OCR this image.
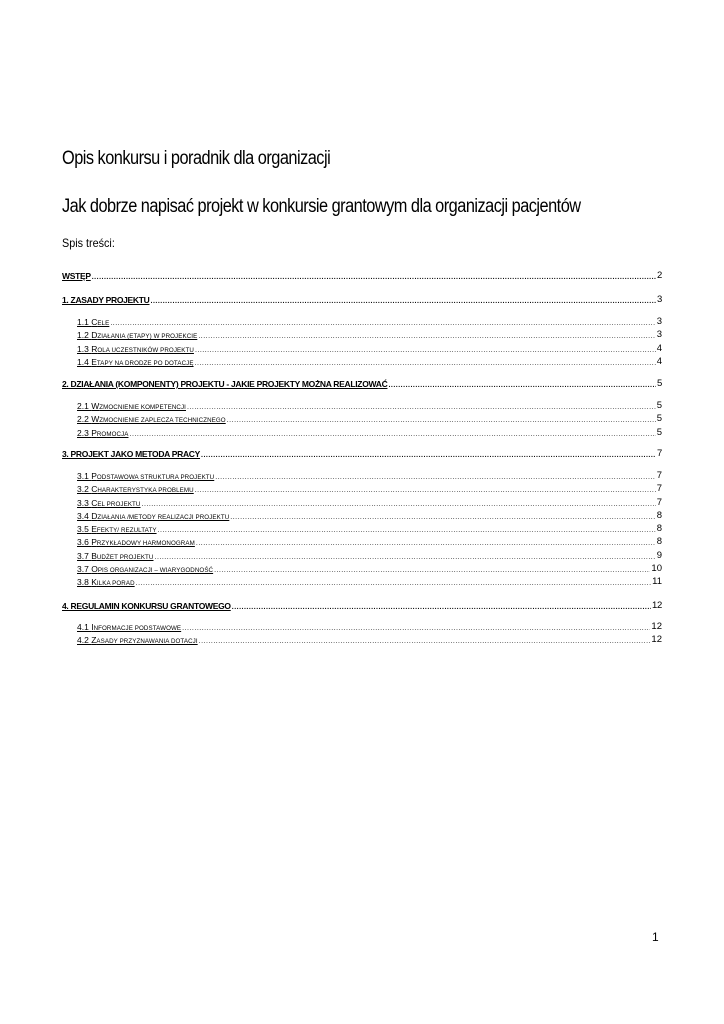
Opis konkursu i poradnik dla organizacji
Jak dobrze napisać projekt w konkursie grantowym dla organizacji pacjentów
Spis treści:
WSTĘP .....	2
1. ZASADY PROJEKTU .....	3
1.1 CELE .....	3
1.2 DZIAŁANIA (ETAPY) W PROJEKCIE .....	3
1.3 ROLA UCZESTNIKÓW PROJEKTU .....	4
1.4 ETAPY NA DRODZE PO DOTACJĘ .....	4
2. DZIAŁANIA (KOMPONENTY) PROJEKTU - JAKIE PROJEKTY MOŻNA REALIZOWAĆ .....	5
2.1 WZMOCNIENIE KOMPETENCJI .....	5
2.2 WZMOCNIENIE ZAPLECZA TECHNICZNEGO .....	5
2.3 PROMOCJA .....	5
3. PROJEKT JAKO METODA PRACY .....	7
3.1 PODSTAWOWA STRUKTURA PROJEKTU .....	7
3.2 CHARAKTERYSTYKA PROBLEMU .....	7
3.3 CEL PROJEKTU .....	7
3.4 DZIAŁANIA /METODY REALIZACJI PROJEKTU .....	8
3.5 EFEKTY/ REZULTATY .....	8
3.6 PRZYKŁADOWY HARMONOGRAM .....	8
3.7 BUDŻET PROJEKTU .....	9
3.7 OPIS ORGANIZACJI – WIARYGODNOŚĆ .....	10
3.8 KILKA PORAD .....	11
4. REGULAMIN KONKURSU GRANTOWEGO .....	12
4.1 INFORMACJE PODSTAWOWE .....	12
4.2 ZASADY PRZYZNAWANIA DOTACJI .....	12
1
